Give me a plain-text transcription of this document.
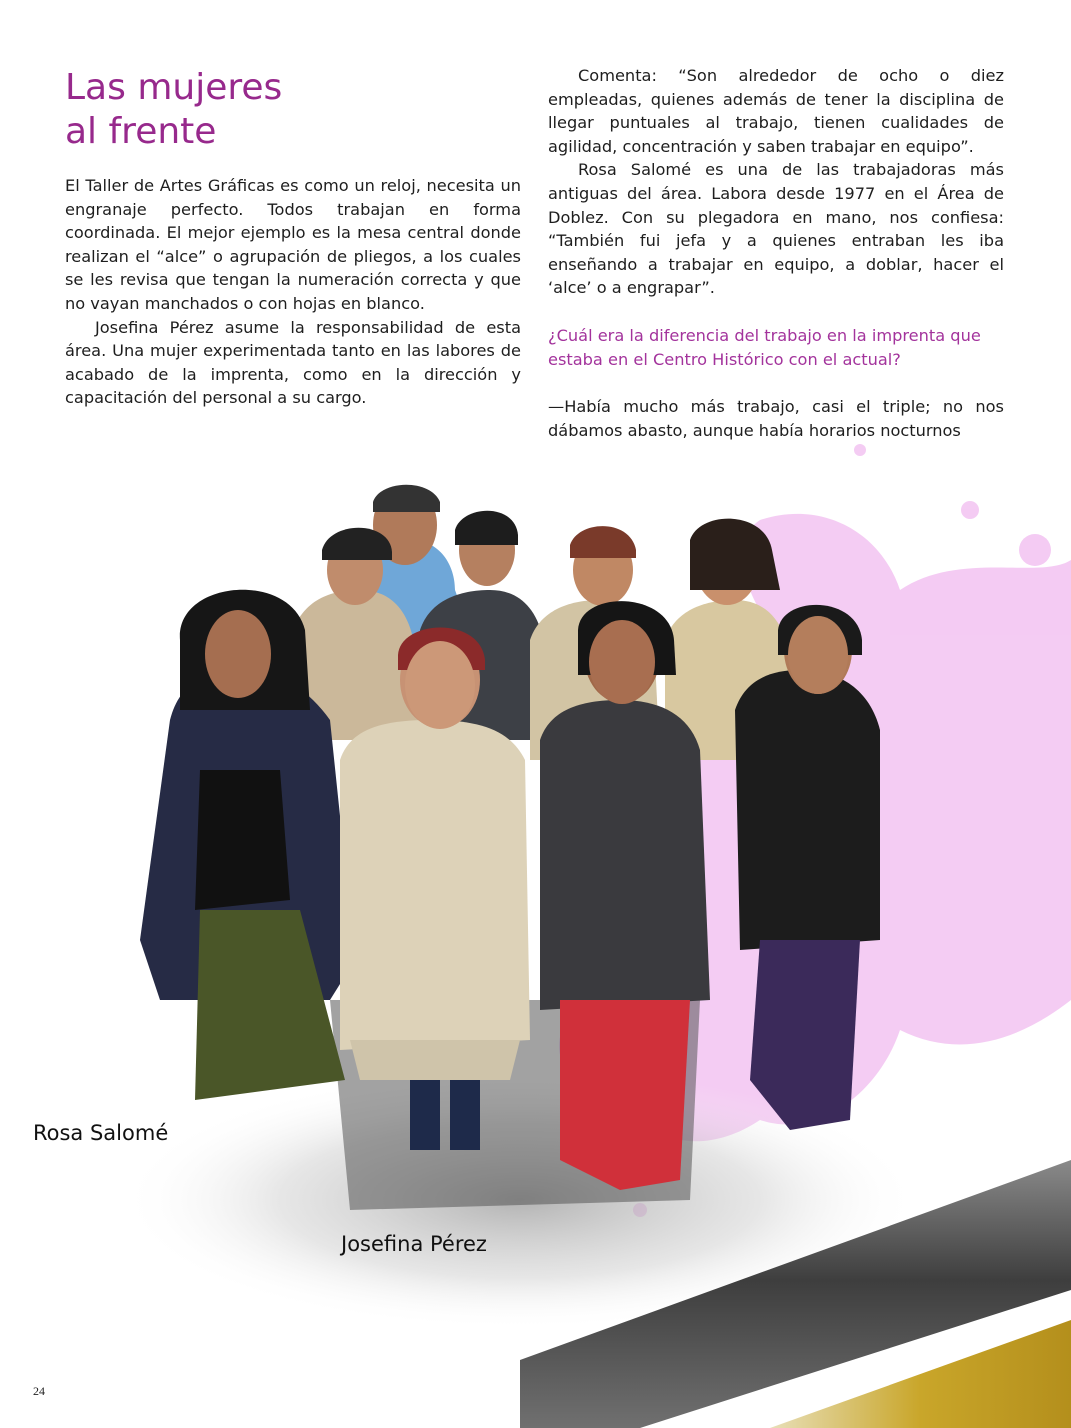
Las mujeres
al frente

El Taller de Artes Gráficas es como un reloj, necesita un engranaje perfecto. Todos trabajan en forma coordinada. El mejor ejemplo es la mesa central donde realizan el “alce” o agrupación de pliegos, a los cuales se les revisa que tengan la numeración correcta y que no vayan manchados o con hojas en blanco.

Josefina Pérez asume la responsabilidad de esta área. Una mujer experimentada tanto en las labores de acabado de la imprenta, como en la dirección y capacitación del personal a su cargo.

Comenta: “Son alrededor de ocho o diez empleadas, quienes además de tener la disciplina de llegar puntuales al trabajo, tienen cualidades de agilidad, concentración y saben trabajar en equipo”.

Rosa Salomé es una de las trabajadoras más antiguas del área. Labora desde 1977 en el Área de Doblez. Con su plegadora en mano, nos confiesa: “También fui jefa y a quienes entraban les iba enseñando a trabajar en equipo, a doblar, hacer el ‘alce’ o a engrapar”.

¿Cuál era la diferencia del trabajo en la imprenta que estaba en el Centro Histórico con el actual?

—Había mucho más trabajo, casi el triple; no nos dábamos abasto, aunque había horarios nocturnos

Rosa Salomé
Josefina Pérez
24
